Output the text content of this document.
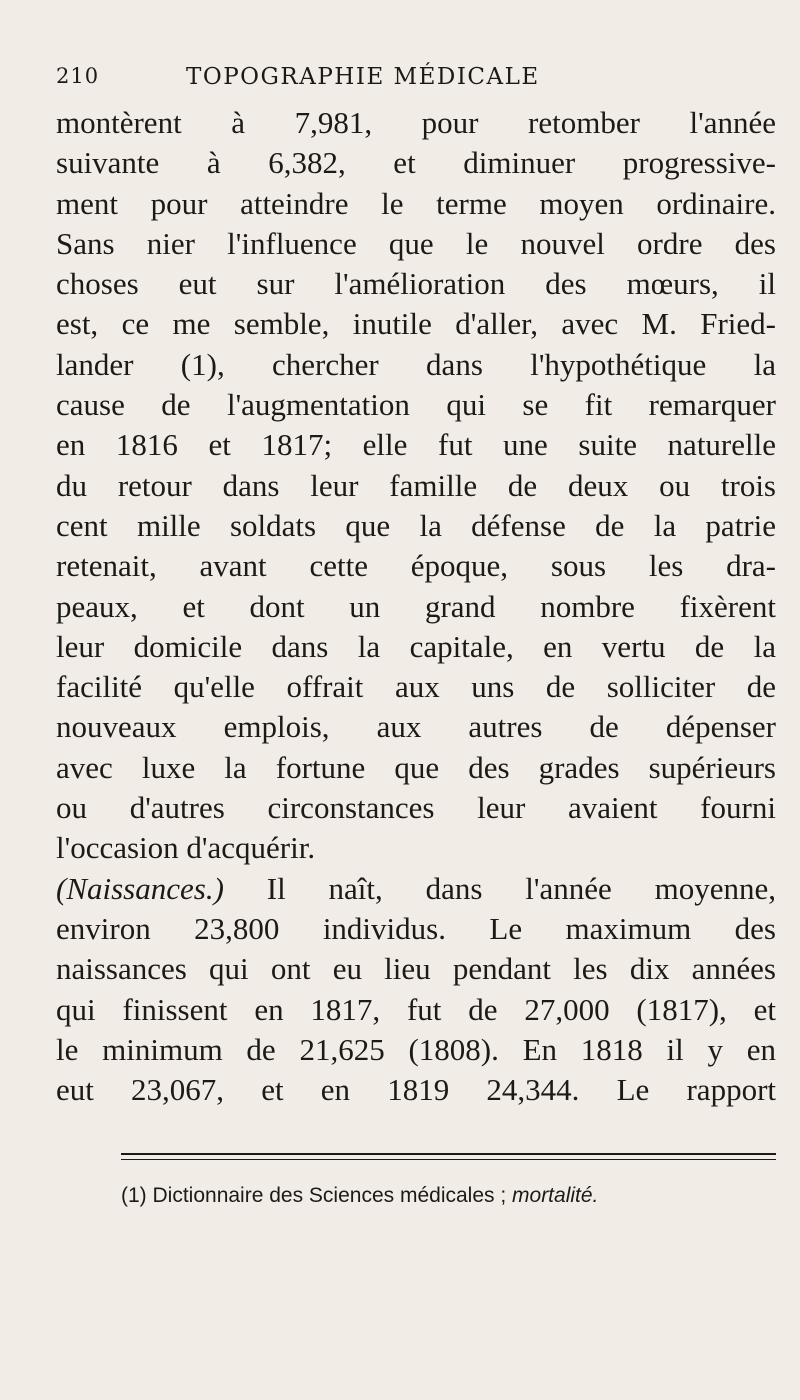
210	TOPOGRAPHIE MÉDICALE
montèrent à 7,981, pour retomber l'année
suivante à 6,382, et diminuer progressive-
ment pour atteindre le terme moyen ordinaire.
Sans nier l'influence que le nouvel ordre des
choses eut sur l'amélioration des mœurs, il
est, ce me semble, inutile d'aller, avec M. Fried-
lander (1), chercher dans l'hypothétique la
cause de l'augmentation qui se fit remarquer
en 1816 et 1817; elle fut une suite naturelle
du retour dans leur famille de deux ou trois
cent mille soldats que la défense de la patrie
retenait, avant cette époque, sous les dra-
peaux, et dont un grand nombre fixèrent
leur domicile dans la capitale, en vertu de la
facilité qu'elle offrait aux uns de solliciter de
nouveaux emplois, aux autres de dépenser
avec luxe la fortune que des grades supérieurs
ou d'autres circonstances leur avaient fourni
l'occasion d'acquérir.
(Naissances.) Il naît, dans l'année moyenne,
environ 23,800 individus. Le maximum des
naissances qui ont eu lieu pendant les dix années
qui finissent en 1817, fut de 27,000 (1817), et
le minimum de 21,625 (1808). En 1818 il y en
eut 23,067, et en 1819 24,344. Le rapport
(1) Dictionnaire des Sciences médicales ; mortalité.
